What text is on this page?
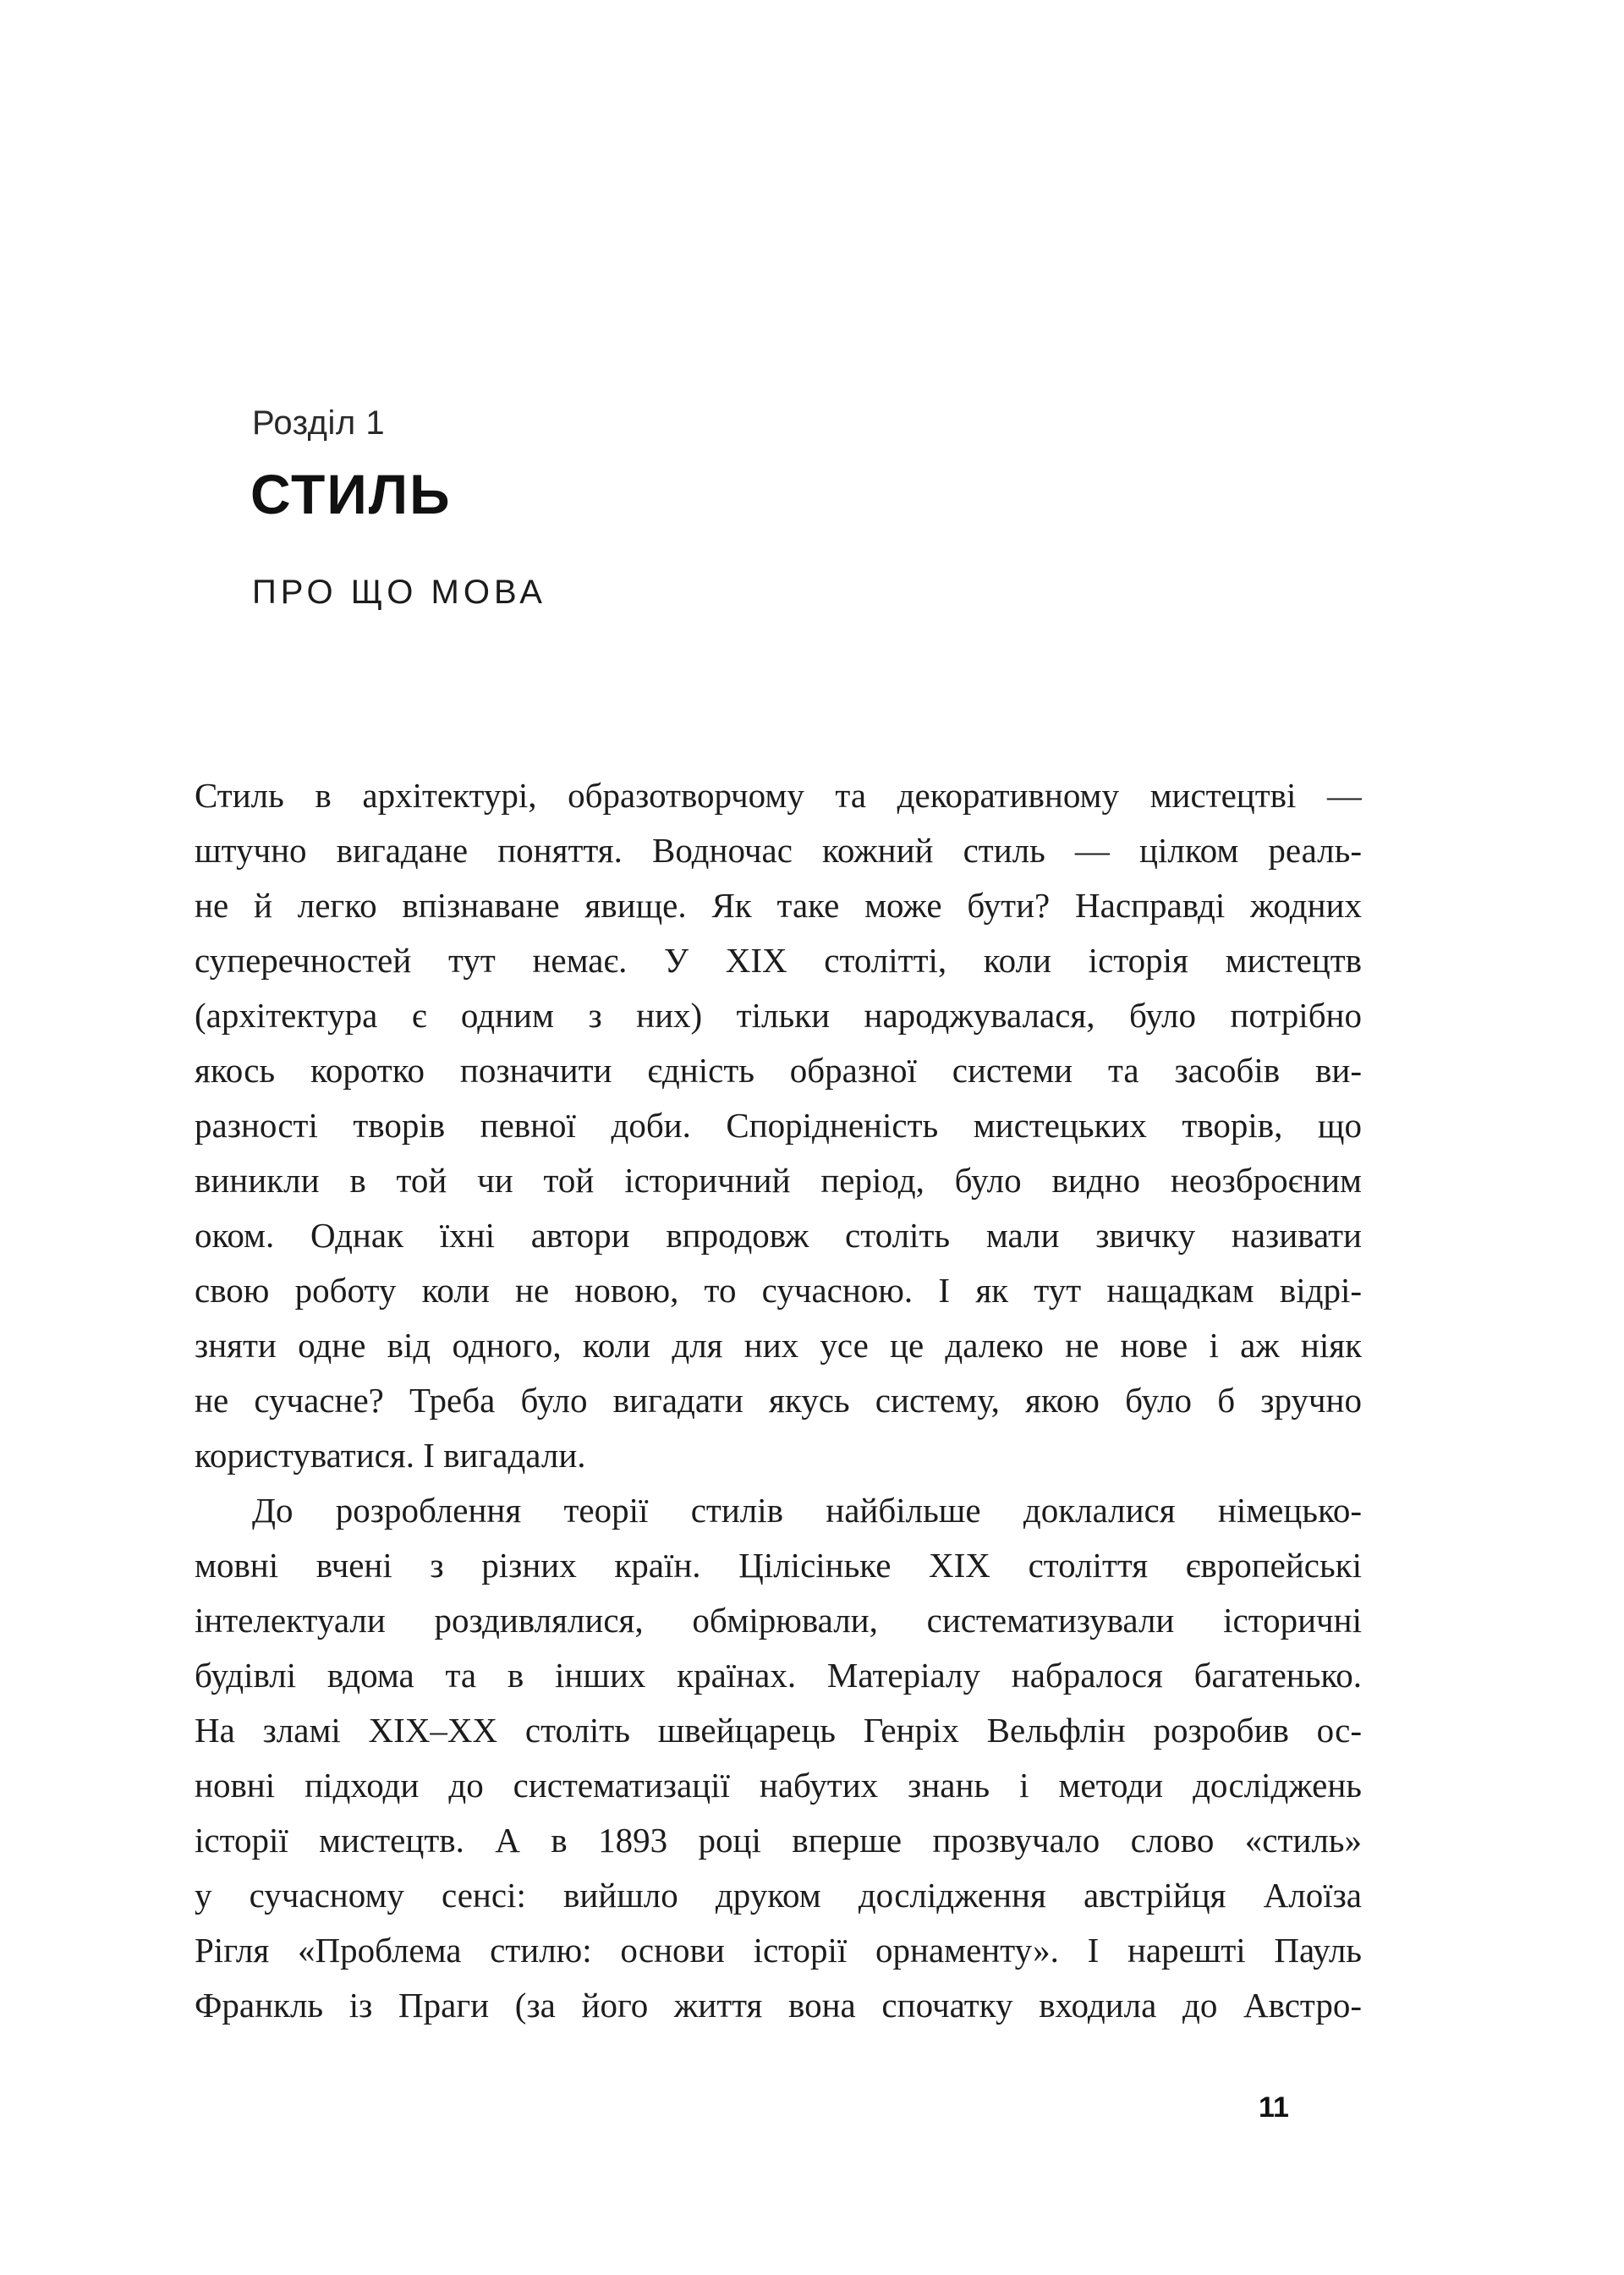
Розділ 1
СТИЛЬ
ПРО ЩО МОВА
Стиль в архітектурі, образотворчому та декоративному мистецтві —
штучно вигадане поняття. Водночас кожний стиль — цілком реаль-
не й легко впізнаване явище. Як таке може бути? Насправді жодних
суперечностей тут немає. У XIX столітті, коли історія мистецтв
(архітектура є одним з них) тільки народжувалася, було потрібно
якось коротко позначити єдність образної системи та засобів ви-
разності творів певної доби. Спорідненість мистецьких творів, що
виникли в той чи той історичний період, було видно неозброєним
оком. Однак їхні автори впродовж століть мали звичку називати
свою роботу коли не новою, то сучасною. І як тут нащадкам відрі-
зняти одне від одного, коли для них усе це далеко не нове і аж ніяк
не сучасне? Треба було вигадати якусь систему, якою було б зручно
користуватися. І вигадали.
До розроблення теорії стилів найбільше доклалися німецько-
мовні вчені з різних країн. Цілісіньке XIX століття європейські
інтелектуали роздивлялися, обмірювали, систематизували історичні
будівлі вдома та в інших країнах. Матеріалу набралося багатенько.
На зламі XIX–XX століть швейцарець Генріх Вельфлін розробив ос-
новні підходи до систематизації набутих знань і методи досліджень
історії мистецтв. А в 1893 році вперше прозвучало слово «стиль»
у сучасному сенсі: вийшло друком дослідження австрійця Алоїза
Рігля «Проблема стилю: основи історії орнаменту». І нарешті Пауль
Франкль із Праги (за його життя вона спочатку входила до Австро-
11
